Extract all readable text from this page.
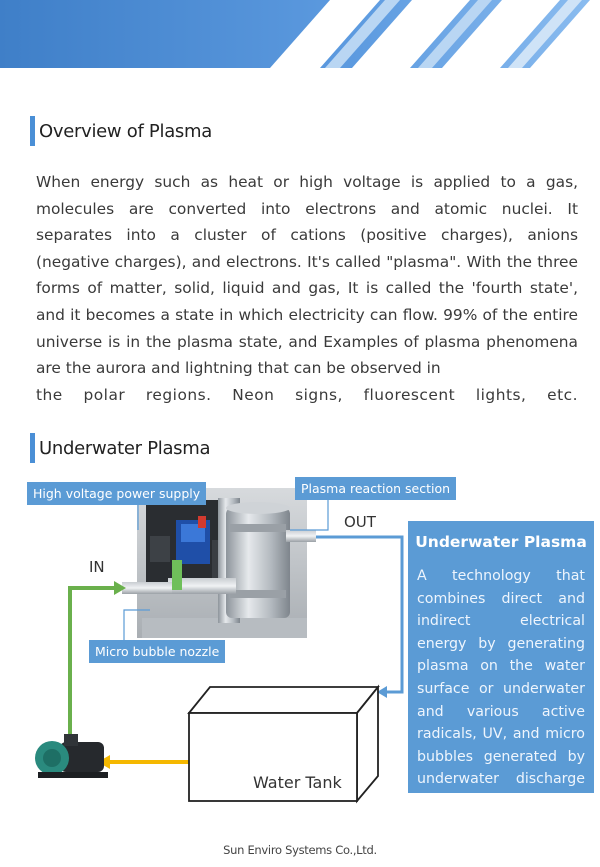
Overview of Plasma
When energy such as heat or high voltage is applied to a gas, molecules are converted into electrons and atomic nuclei. It separates into a cluster of cations (positive charges), anions (negative charges), and electrons. It's called "plasma". With the three forms of matter, solid, liquid and gas, It is called the 'fourth state', and it becomes a state in which electricity can flow. 99% of the entire universe is in the plasma state, and Examples of plasma phenomena are the aurora and lightning that can be observed in
the polar regions. Neon signs, fluorescent lights, etc.
Underwater Plasma
High voltage power supply	Plasma reaction section
Micro bubble nozzle
IN
OUT
Water Tank
Underwater Plasma
A technology that combines direct and indirect electrical energy by generating plasma on the water surface or underwater and various active radicals, UV, and micro bubbles generated by underwater discharge
Sun Enviro Systems Co.,Ltd.
